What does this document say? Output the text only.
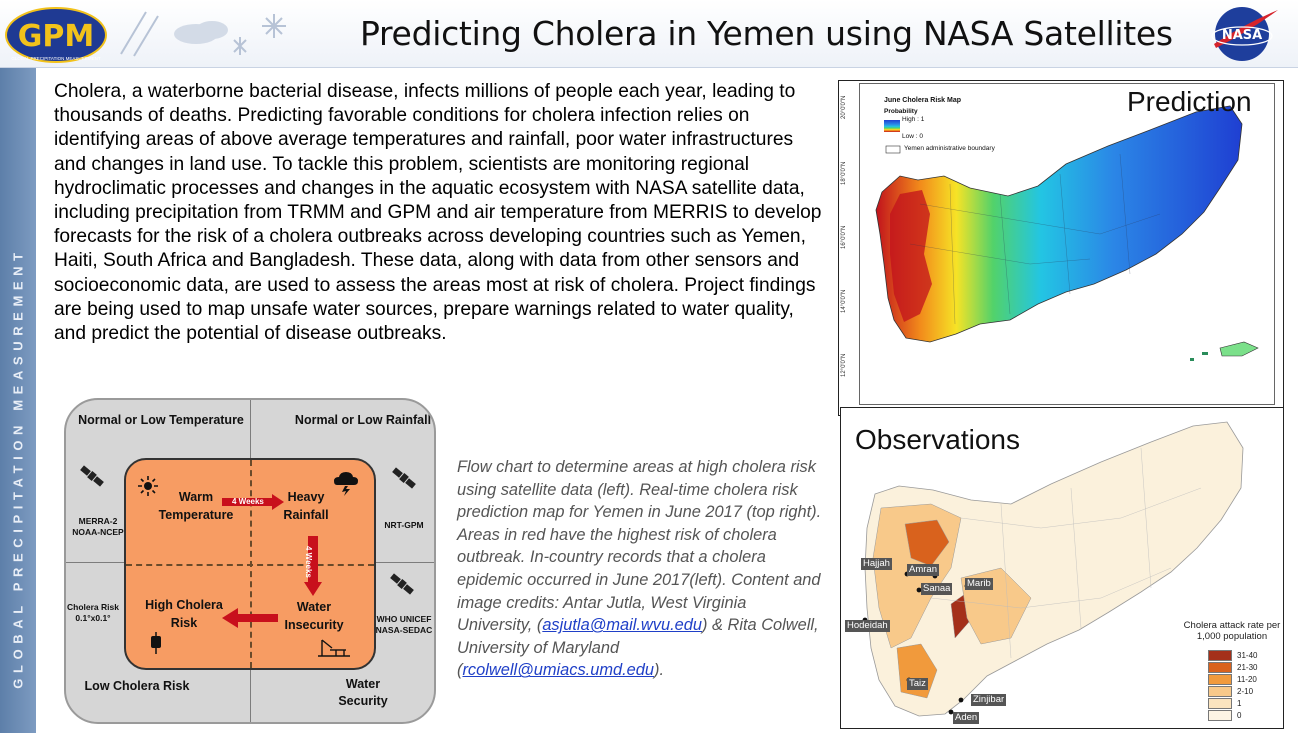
GPM
GLOBAL PRECIPITATION MEASUREMENT
Predicting Cholera in Yemen using NASA Satellites	NASA
GLOBAL PRECIPITATION MEASUREMENT
Cholera, a waterborne bacterial disease, infects millions of people each year, leading to thousands of deaths. Predicting favorable conditions for cholera infection relies on identifying areas of above average temperatures and rainfall, poor water infrastructures and changes in land use. To tackle this problem, scientists are monitoring regional hydroclimatic processes and changes in the aquatic ecosystem with NASA satellite data, including precipitation from TRMM and GPM and air temperature from MERRIS to develop forecasts for the risk of a cholera outbreaks across developing countries such as Yemen, Haiti, South Africa and Bangladesh. These data, along with data from other sensors and socioeconomic data, are used to assess the areas most at risk of cholera. Project findings are being used to map unsafe water sources, prepare warnings related to water quality, and predict the potential of disease outbreaks.
Normal or Low Temperature	Normal or Low Rainfall
Low Cholera Risk	Water Security
MERRA-2 NOAA-NCEP
NRT-GPM
Cholera Risk 0.1°x0.1°	WHO UNICEF NASA-SEDAC
Warm Temperature
Heavy Rainfall
High Cholera Risk
Water Insecurity
4 Weeks
4 Weeks
Flow chart to determine areas at high cholera risk using satellite data (left). Real-time cholera risk prediction map for Yemen in June 2017 (top right). Areas in red have the highest risk of cholera outbreak. In-country records that a cholera epidemic occurred in June 2017(left). Content and image credits: Antar Jutla, West Virginia University, (asjutla@mail.wvu.edu) & Rita Colwell, University of Maryland (rcolwell@umiacs.umd.edu).
June Cholera Risk Map
Probability
High : 1
Low : 0
Yemen administrative boundary
20°0'0"N
18°0'0"N
16°0'0"N
14°0'0"N
12°0'0"N
Prediction
Observations
Hajjah
Amran
Sanaa Marib
Hodeidah
Taiz
Zinjibar
Aden
Cholera attack rate per 1,000 population
31-40
21-30
11-20
2-10
1
0
